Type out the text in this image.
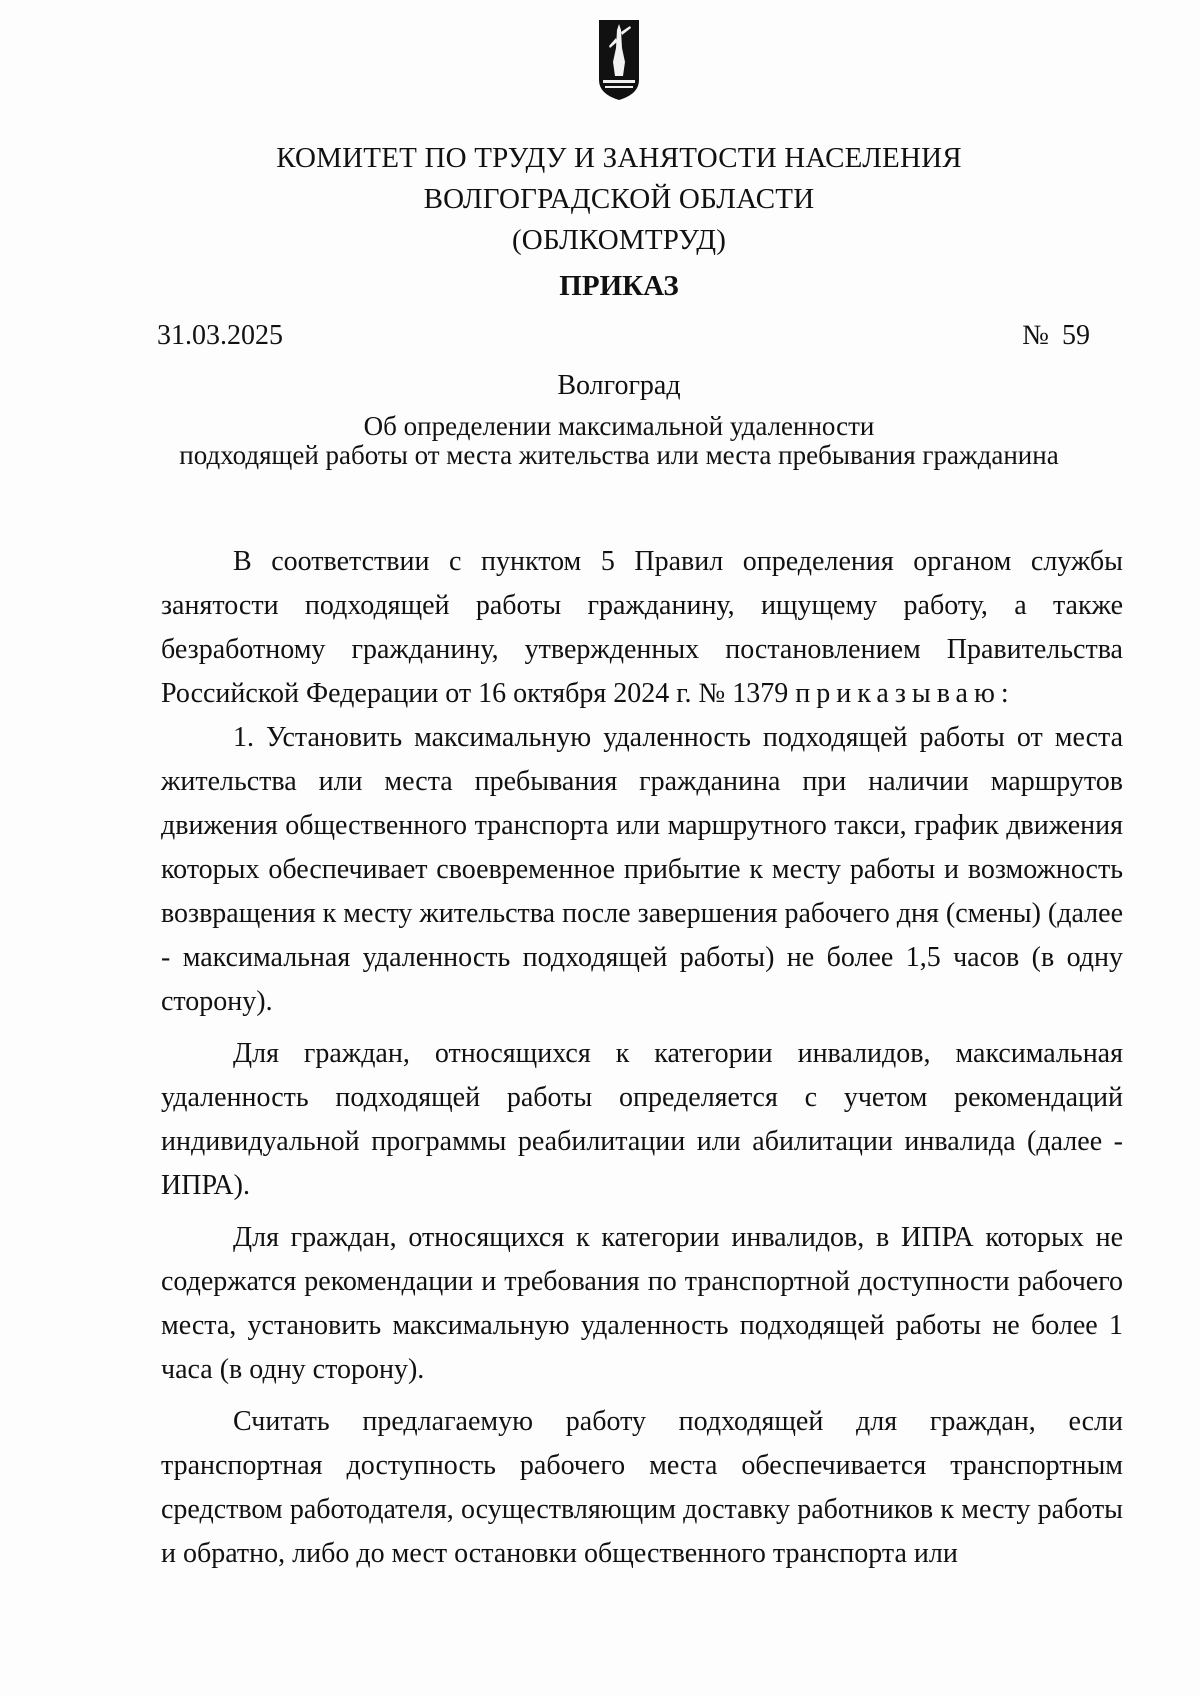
КОМИТЕТ ПО ТРУДУ И ЗАНЯТОСТИ НАСЕЛЕНИЯ
ВОЛГОГРАДСКОЙ ОБЛАСТИ
(ОБЛКОМТРУД)
ПРИКАЗ
31.03.2025	№ 59
Волгоград
Об определении максимальной удаленности
подходящей работы от места жительства или места пребывания гражданина

В соответствии с пунктом 5 Правил определения органом службы занятости подходящей работы гражданину, ищущему работу, а также безработному гражданину, утвержденных постановлением Правительства Российской Федерации от 16 октября 2024 г. № 1379 приказываю:

1. Установить максимальную удаленность подходящей работы от места жительства или места пребывания гражданина при наличии маршрутов движения общественного транспорта или маршрутного такси, график движения которых обеспечивает своевременное прибытие к месту работы и возможность возвращения к месту жительства после завершения рабочего дня (смены) (далее - максимальная удаленность подходящей работы) не более 1,5 часов (в одну сторону).

Для граждан, относящихся к категории инвалидов, максимальная удаленность подходящей работы определяется с учетом рекомендаций индивидуальной программы реабилитации или абилитации инвалида (далее - ИПРА).

Для граждан, относящихся к категории инвалидов, в ИПРА которых не содержатся рекомендации и требования по транспортной доступности рабочего места, установить максимальную удаленность подходящей работы не более 1 часа (в одну сторону).

Считать предлагаемую работу подходящей для граждан, если транспортная доступность рабочего места обеспечивается транспортным средством работодателя, осуществляющим доставку работников к месту работы и обратно, либо до мест остановки общественного транспорта или
